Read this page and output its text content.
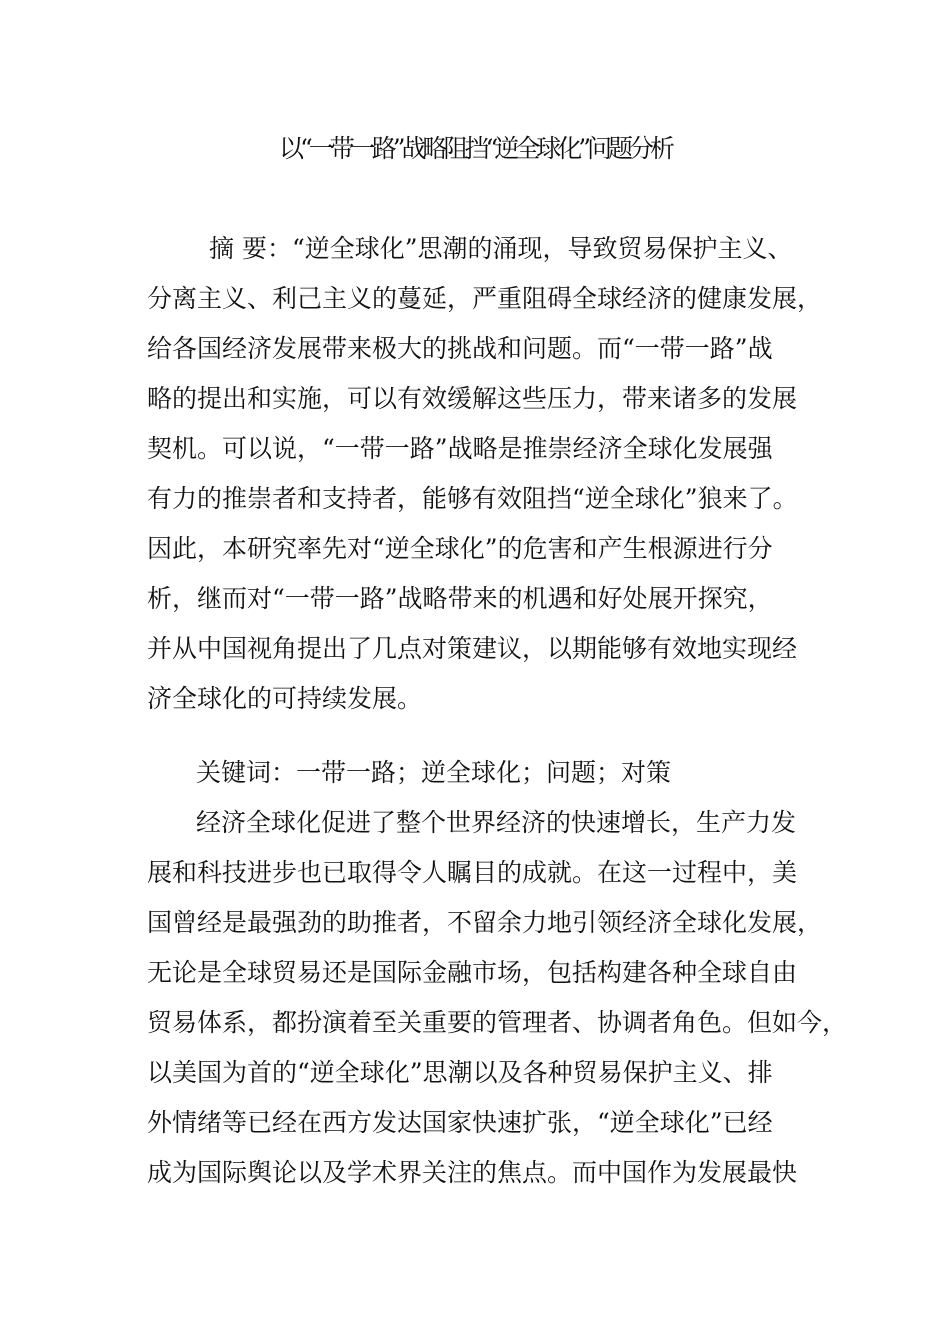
以“一带一路”战略阻挡“逆全球化”问题分析
摘 要：“逆全球化”思潮的涌现，导致贸易保护主义、
分离主义、利己主义的蔓延，严重阻碍全球经济的健康发展，
给各国经济发展带来极大的挑战和问题。而“一带一路”战
略的提出和实施，可以有效缓解这些压力，带来诸多的发展
契机。可以说，“一带一路”战略是推崇经济全球化发展强
有力的推崇者和支持者，能够有效阻挡“逆全球化”狼来了。
因此，本研究率先对“逆全球化”的危害和产生根源进行分
析，继而对“一带一路”战略带来的机遇和好处展开探究，
并从中国视角提出了几点对策建议，以期能够有效地实现经
济全球化的可持续发展。
关键词：一带一路；逆全球化；问题；对策
经济全球化促进了整个世界经济的快速增长，生产力发
展和科技进步也已取得令人瞩目的成就。在这一过程中，美
国曾经是最强劲的助推者，不留余力地引领经济全球化发展，
无论是全球贸易还是国际金融市场，包括构建各种全球自由
贸易体系，都扮演着至关重要的管理者、协调者角色。但如今，
以美国为首的“逆全球化”思潮以及各种贸易保护主义、排
外情绪等已经在西方发达国家快速扩张，“逆全球化”已经
成为国际舆论以及学术界关注的焦点。而中国作为发展最快
